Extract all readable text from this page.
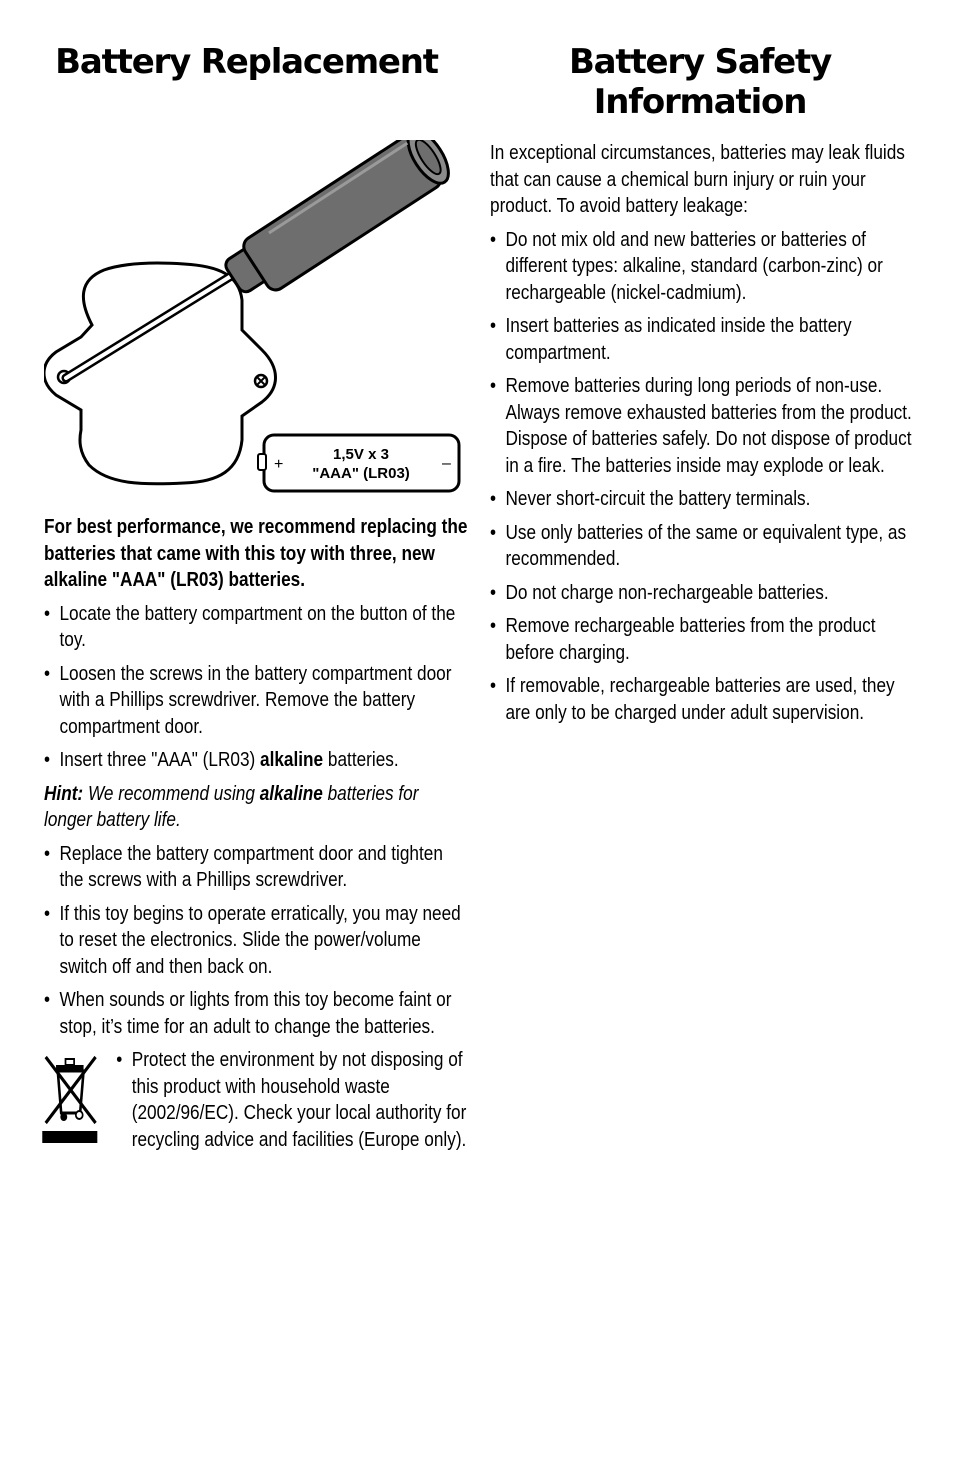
Battery Replacement
+	–
1,5V x 3
"AAA" (LR03)

For best performance, we recommend replacing the batteries that came with this toy with three, new alkaline "AAA" (LR03) batteries.

• Locate the battery compartment on the button of the toy.
• Loosen the screws in the battery compartment door with a Phillips screwdriver. Remove the battery compartment door.
• Insert three "AAA" (LR03) alkaline batteries.

Hint: We recommend using alkaline batteries for longer battery life.

• Replace the battery compartment door and tighten the screws with a Phillips screwdriver.
• If this toy begins to operate erratically, you may need to reset the electronics. Slide the power/volume switch off and then back on.
• When sounds or lights from this toy become faint or stop, it’s time for an adult to change the batteries.
• Protect the environment by not disposing of this product with household waste (2002/96/EC). Check your local authority for recycling advice and facilities (Europe only).
Battery Safety
Information

In exceptional circumstances, batteries may leak fluids that can cause a chemical burn injury or ruin your product. To avoid battery leakage:

• Do not mix old and new batteries or batteries of different types: alkaline, standard (carbon-zinc) or rechargeable (nickel-cadmium).
• Insert batteries as indicated inside the battery compartment.
• Remove batteries during long periods of non-use. Always remove exhausted batteries from the product. Dispose of batteries safely. Do not dispose of product in a fire. The batteries inside may explode or leak.
• Never short-circuit the battery terminals.
• Use only batteries of the same or equivalent type, as recommended.
• Do not charge non-rechargeable batteries.
• Remove rechargeable batteries from the product before charging.
• If removable, rechargeable batteries are used, they are only to be charged under adult supervision.
